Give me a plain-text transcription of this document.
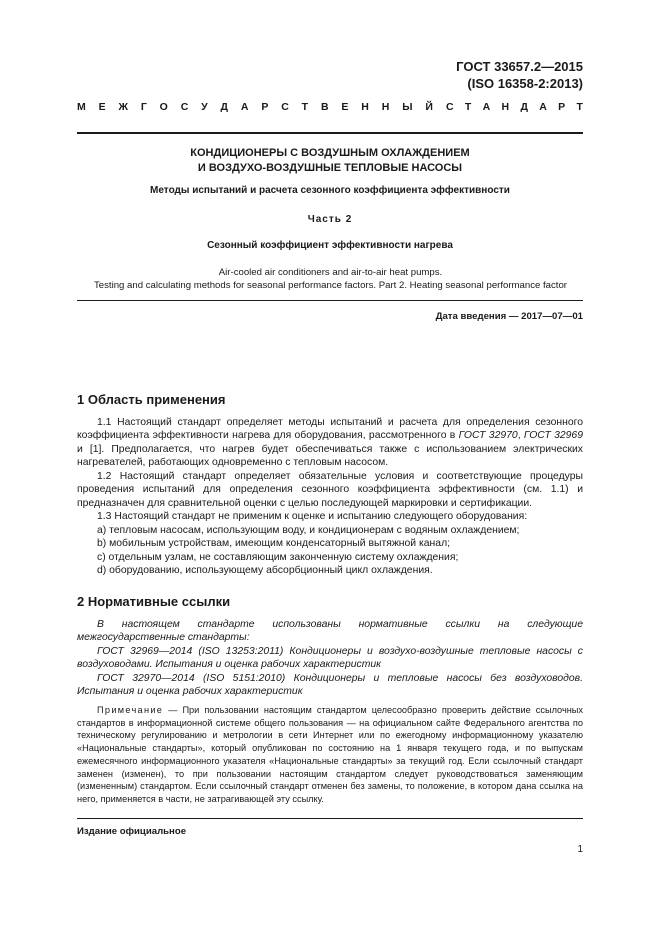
ГОСТ 33657.2—2015
(ISO 16358-2:2013)
М Е Ж Г О С У Д А Р С Т В Е Н Н Ы Й С Т А Н Д А Р Т
КОНДИЦИОНЕРЫ С ВОЗДУШНЫМ ОХЛАЖДЕНИЕМ
И ВОЗДУХО-ВОЗДУШНЫЕ ТЕПЛОВЫЕ НАСОСЫ
Методы испытаний и расчета сезонного коэффициента эффективности
Часть 2
Сезонный коэффициент эффективности нагрева
Air-cooled air conditioners and air-to-air heat pumps.
Testing and calculating methods for seasonal performance factors. Part 2. Heating seasonal performance factor
Дата введения — 2017—07—01

1 Область применения

1.1 Настоящий стандарт определяет методы испытаний и расчета для определения сезонного коэффициента эффективности нагрева для оборудования, рассмотренного в ГОСТ 32970, ГОСТ 32969 и [1]. Предполагается, что нагрев будет обеспечиваться также с использованием электрических нагревателей, работающих одновременно с тепловым насосом.

1.2 Настоящий стандарт определяет обязательные условия и соответствующие процедуры проведения испытаний для определения сезонного коэффициента эффективности (см. 1.1) и предназначен для сравнительной оценки с целью последующей маркировки и сертификации.

1.3 Настоящий стандарт не применим к оценке и испытанию следующего оборудования:

a) тепловым насосам, использующим воду, и кондиционерам с водяным охлаждением;

b) мобильным устройствам, имеющим конденсаторный вытяжной канал;

c) отдельным узлам, не составляющим законченную систему охлаждения;

d) оборудованию, использующему абсорбционный цикл охлаждения.

2 Нормативные ссылки

В настоящем стандарте использованы нормативные ссылки на следующие межгосударственные стандарты:

ГОСТ 32969—2014 (ISO 13253:2011) Кондиционеры и воздухо-воздушные тепловые насосы с воздуховодами. Испытания и оценка рабочих характеристик

ГОСТ 32970—2014 (ISO 5151:2010) Кондиционеры и тепловые насосы без воздуховодов. Испытания и оценка рабочих характеристик

Примечание — При пользовании настоящим стандартом целесообразно проверить действие ссылочных стандартов в информационной системе общего пользования — на официальном сайте Федерального агентства по техническому регулированию и метрологии в сети Интернет или по ежегодному информационному указателю «Национальные стандарты», который опубликован по состоянию на 1 января текущего года, и по выпускам ежемесячного информационного указателя «Национальные стандарты» за текущий год. Если ссылочный стандарт заменен (изменен), то при пользовании настоящим стандартом следует руководствоваться заменяющим (измененным) стандартом. Если ссылочный стандарт отменен без замены, то положение, в котором дана ссылка на него, применяется в части, не затрагивающей эту ссылку.

Издание официальное
1
